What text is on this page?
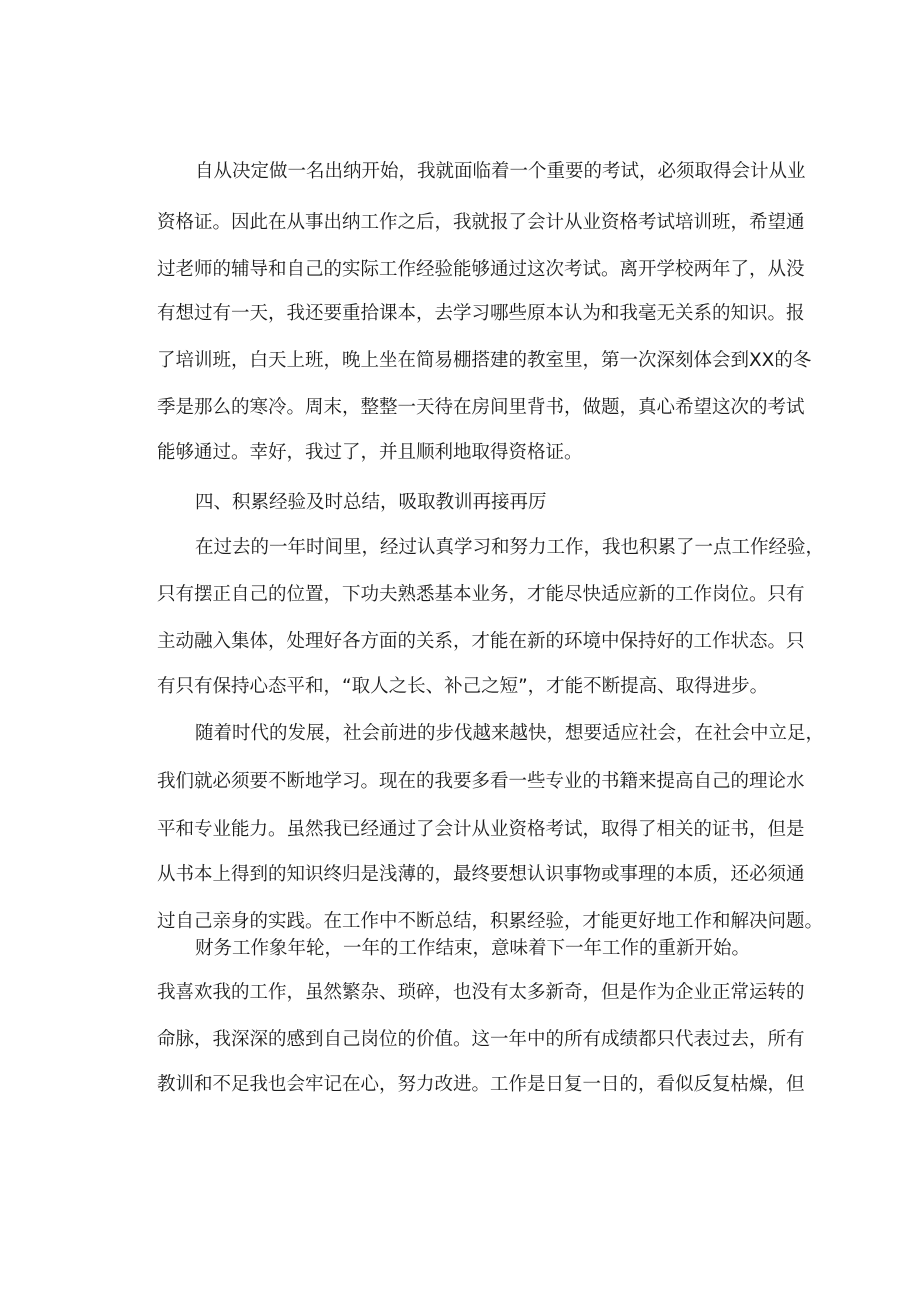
自从决定做一名出纳开始，我就面临着一个重要的考试，必须取得会计从业
资格证。因此在从事出纳工作之后，我就报了会计从业资格考试培训班，希望通
过老师的辅导和自己的实际工作经验能够通过这次考试。离开学校两年了，从没
有想过有一天，我还要重拾课本，去学习哪些原本认为和我毫无关系的知识。报
了培训班，白天上班，晚上坐在简易棚搭建的教室里，第一次深刻体会到XX的冬
季是那么的寒冷。周末，整整一天待在房间里背书，做题，真心希望这次的考试
能够通过。幸好，我过了，并且顺利地取得资格证。
四、积累经验及时总结，吸取教训再接再厉
在过去的一年时间里，经过认真学习和努力工作，我也积累了一点工作经验，
只有摆正自己的位置，下功夫熟悉基本业务，才能尽快适应新的工作岗位。只有
主动融入集体，处理好各方面的关系，才能在新的环境中保持好的工作状态。只
有只有保持心态平和，“取人之长、补己之短”，才能不断提高、取得进步。
随着时代的发展，社会前进的步伐越来越快，想要适应社会，在社会中立足，
我们就必须要不断地学习。现在的我要多看一些专业的书籍来提高自己的理论水
平和专业能力。虽然我已经通过了会计从业资格考试，取得了相关的证书，但是
从书本上得到的知识终归是浅薄的，最终要想认识事物或事理的本质，还必须通
过自己亲身的实践。在工作中不断总结，积累经验，才能更好地工作和解决问题。
财务工作象年轮，一年的工作结束，意味着下一年工作的重新开始。
我喜欢我的工作，虽然繁杂、琐碎，也没有太多新奇，但是作为企业正常运转的
命脉，我深深的感到自己岗位的价值。这一年中的所有成绩都只代表过去，所有
教训和不足我也会牢记在心，努力改进。工作是日复一日的，看似反复枯燥，但
